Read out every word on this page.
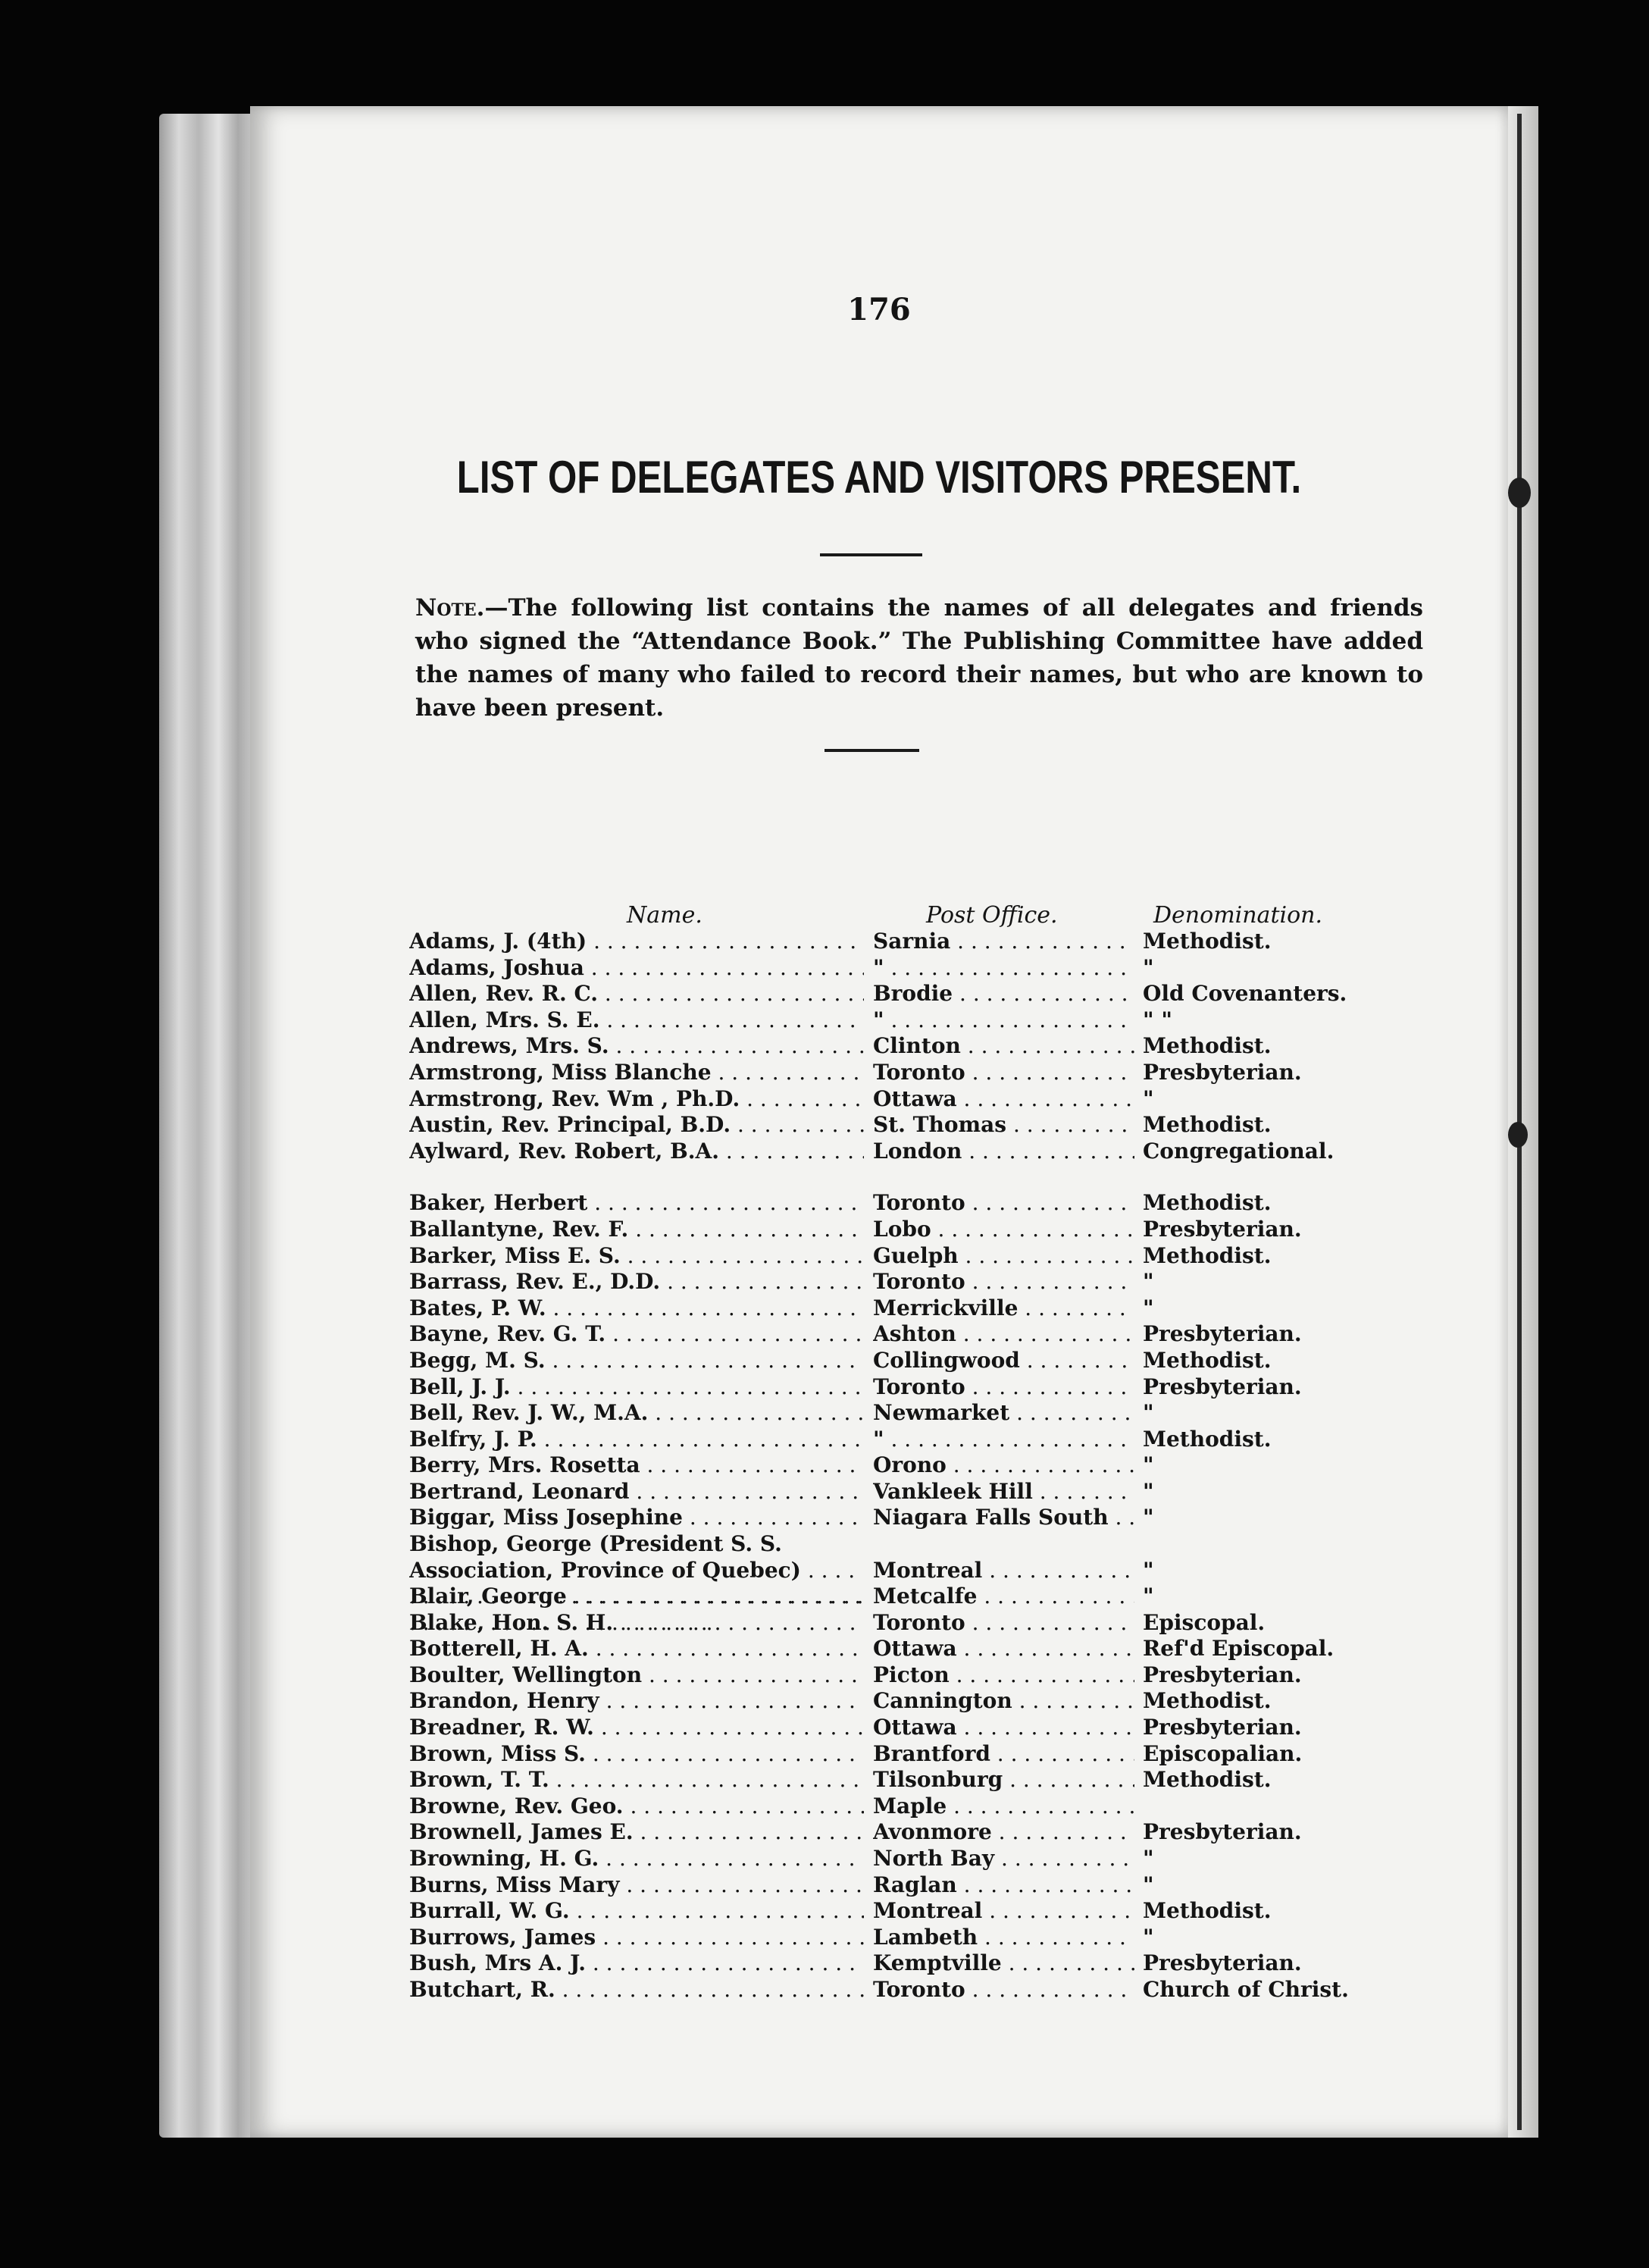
176
LIST OF DELEGATES AND VISITORS PRESENT.
Note.—The following list contains the names of all delegates and friends who signed the “Attendance Book.” The Publishing Committee have added the names of many who failed to record their names, but who are known to have been present.
Name.	Post Office.	Denomination.
Adams, J. (4th) . . .	Sarnia . . .	Methodist.
Adams, Joshua . . .	" . . .	"
Allen, Rev. R. C. . . .	Brodie . . .	Old Covenanters.
Allen, Mrs. S. E. . . .	" . . .	" "
Andrews, Mrs. S. . . .	Clinton . . .	Methodist.
Armstrong, Miss Blanche . . .	Toronto . . .	Presbyterian.
Armstrong, Rev. Wm , Ph.D. . . .	Ottawa . . .	"
Austin, Rev. Principal, B.D. . . .	St. Thomas . . .	Methodist.
Aylward, Rev. Robert, B.A. . . .	London . . .	Congregational.
Baker, Herbert . . .	Toronto . . .	Methodist.
Ballantyne, Rev. F. . . .	Lobo . . .	Presbyterian.
Barker, Miss E. S. . . .	Guelph . . .	Methodist.
Barrass, Rev. E., D.D. . . .	Toronto . . .	"
Bates, P. W. . . .	Merrickville . . .	"
Bayne, Rev. G. T. . . .	Ashton . . .	Presbyterian.
Begg, M. S. . . .	Collingwood . . .	Methodist.
Bell, J. J. . . .	Toronto . . .	Presbyterian.
Bell, Rev. J. W., M.A. . . .	Newmarket . . .	"
Belfry, J. P. . . .	" . . .	Methodist.
Berry, Mrs. Rosetta . . .	Orono . . .	"
Bertrand, Leonard . . .	Vankleek Hill . . .	"
Biggar, Miss Josephine . . .	Niagara Falls South . . .	"
Bishop, George (President S. S. Association, Province of Quebec) . . .	Montreal . . .	"
Blair, George . . .	Metcalfe . . .	"
Blake, Hon. S. H. . . .	Toronto . . .	Episcopal.
Botterell, H. A. . . .	Ottawa . . .	Ref'd Episcopal.
Boulter, Wellington . . .	Picton . . .	Presbyterian.
Brandon, Henry . . .	Cannington . . .	Methodist.
Breadner, R. W. . . .	Ottawa . . .	Presbyterian.
Brown, Miss S. . . .	Brantford . . .	Episcopalian.
Brown, T. T. . . .	Tilsonburg . . .	Methodist.
Browne, Rev. Geo. . . .	Maple . . .
Brownell, James E. . . .	Avonmore . . .	Presbyterian.
Browning, H. G. . . .	North Bay . . .	"
Burns, Miss Mary . . .	Raglan . . .	"
Burrall, W. G. . . .	Montreal . . .	Methodist.
Burrows, James . . .	Lambeth . . .	"
Bush, Mrs A. J. . . .	Kemptville . . .	Presbyterian.
Butchart, R. . . .	Toronto . . .	Church of Christ.
